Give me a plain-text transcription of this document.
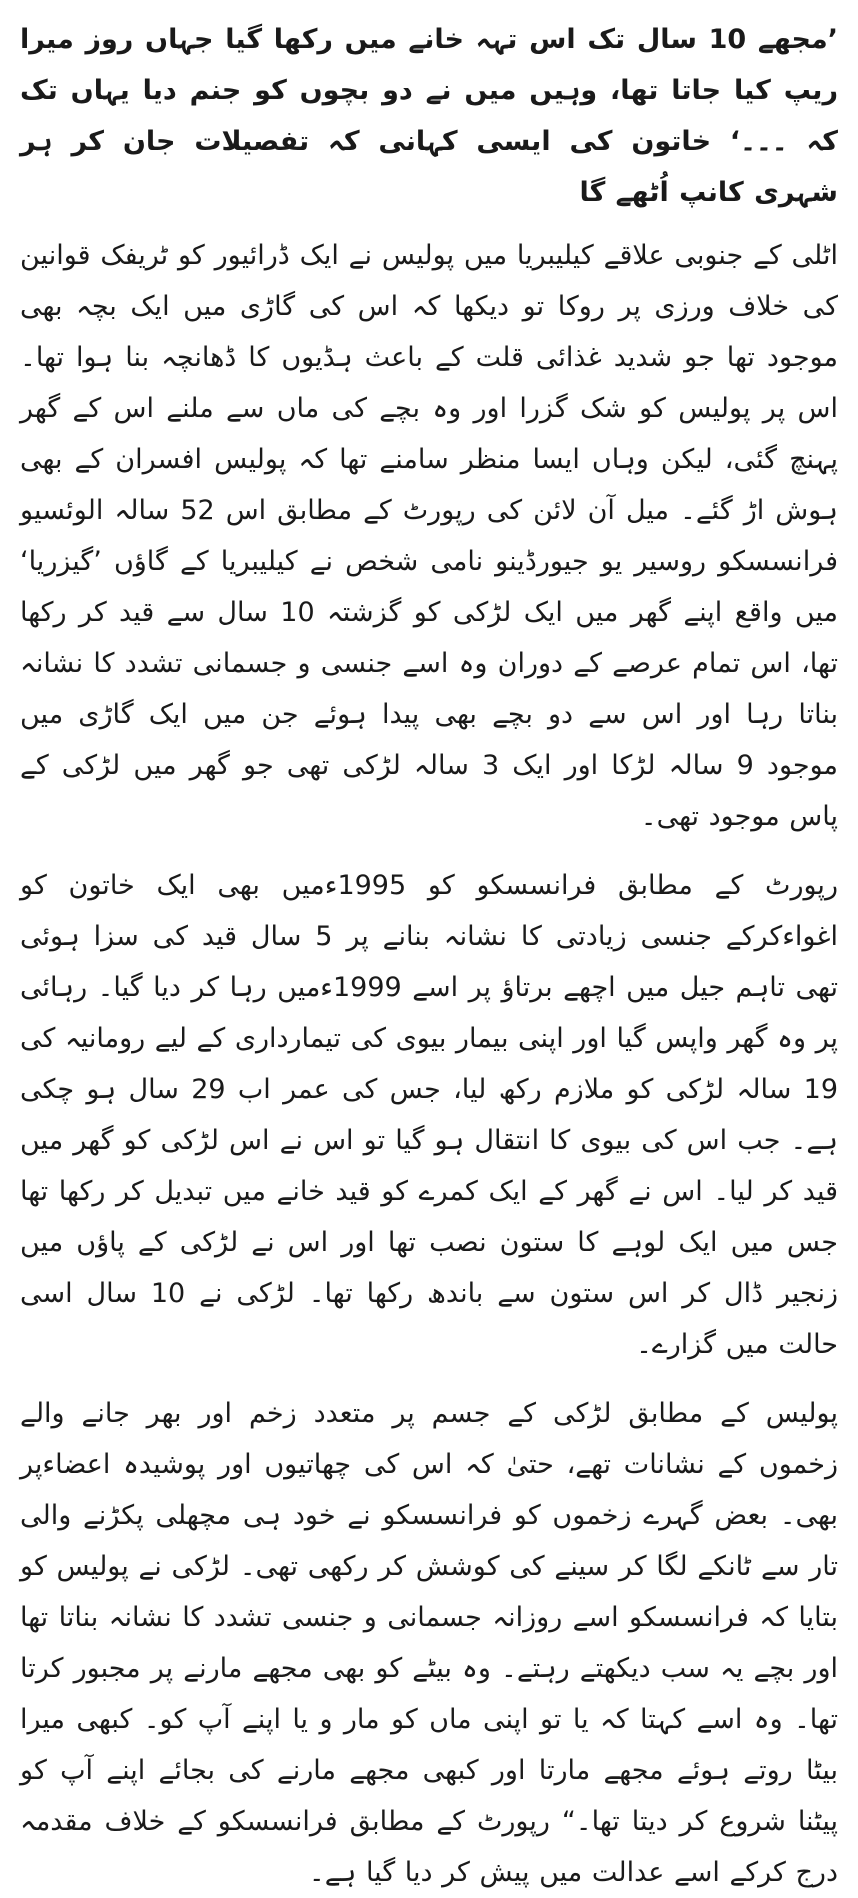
’مجھے 10 سال تک اس تہہ خانے میں رکھا گیا جہاں روز میرا ریپ کیا جاتا تھا، وہیں میں نے دو بچوں کو جنم دیا یہاں تک کہ ۔۔۔‘ خاتون کی ایسی کہانی کہ تفصیلات جان کر ہر شہری کانپ اُٹھے گا

اٹلی کے جنوبی علاقے کیلیبریا میں پولیس نے ایک ڈرائیور کو ٹریفک قوانین کی خلاف ورزی پر روکا تو دیکھا کہ اس کی گاڑی میں ایک بچہ بھی موجود تھا جو شدید غذائی قلت کے باعث ہڈیوں کا ڈھانچہ بنا ہوا تھا۔ اس پر پولیس کو شک گزرا اور وہ بچے کی ماں سے ملنے اس کے گھر پہنچ گئی، لیکن وہاں ایسا منظر سامنے تھا کہ پولیس افسران کے بھی ہوش اڑ گئے۔ میل آن لائن کی رپورٹ کے مطابق اس 52 سالہ الوئسیو فرانسسکو روسیر یو جیورڈینو نامی شخص نے کیلیبریا کے گاﺅں ’گیزریا‘ میں واقع اپنے گھر میں ایک لڑکی کو گزشتہ 10 سال سے قید کر رکھا تھا، اس تمام عرصے کے دوران وہ اسے جنسی و جسمانی تشدد کا نشانہ بناتا رہا اور اس سے دو بچے بھی پیدا ہوئے جن میں ایک گاڑی میں موجود 9 سالہ لڑکا اور ایک 3 سالہ لڑکی تھی جو گھر میں لڑکی کے پاس موجود تھی۔

رپورٹ کے مطابق فرانسسکو کو 1995ءمیں بھی ایک خاتون کو اغواءکرکے جنسی زیادتی کا نشانہ بنانے پر 5 سال قید کی سزا ہوئی تھی تاہم جیل میں اچھے برتاﺅ پر اسے 1999ءمیں رہا کر دیا گیا۔ رہائی پر وہ گھر واپس گیا اور اپنی بیمار بیوی کی تیمارداری کے لیے رومانیہ کی 19 سالہ لڑکی کو ملازم رکھ لیا، جس کی عمر اب 29 سال ہو چکی ہے۔ جب اس کی بیوی کا انتقال ہو گیا تو اس نے اس لڑکی کو گھر میں قید کر لیا۔ اس نے گھر کے ایک کمرے کو قید خانے میں تبدیل کر رکھا تھا جس میں ایک لوہے کا ستون نصب تھا اور اس نے لڑکی کے پاﺅں میں زنجیر ڈال کر اس ستون سے باندھ رکھا تھا۔ لڑکی نے 10 سال اسی حالت میں گزارے۔

پولیس کے مطابق لڑکی کے جسم پر متعدد زخم اور بھر جانے والے زخموں کے نشانات تھے، حتیٰ کہ اس کی چھاتیوں اور پوشیدہ اعضاءپر بھی۔ بعض گہرے زخموں کو فرانسسکو نے خود ہی مچھلی پکڑنے والی تار سے ٹانکے لگا کر سینے کی کوشش کر رکھی تھی۔ لڑکی نے پولیس کو بتایا کہ فرانسسکو اسے روزانہ جسمانی و جنسی تشدد کا نشانہ بناتا تھا اور بچے یہ سب دیکھتے رہتے۔ وہ بیٹے کو بھی مجھے مارنے پر مجبور کرتا تھا۔ وہ اسے کہتا کہ یا تو اپنی ماں کو مار و یا اپنے آپ کو۔ کبھی میرا بیٹا روتے ہوئے مجھے مارتا اور کبھی مجھے مارنے کی بجائے اپنے آپ کو پیٹنا شروع کر دیتا تھا۔“ رپورٹ کے مطابق فرانسسکو کے خلاف مقدمہ درج کرکے اسے عدالت میں پیش کر دیا گیا ہے۔
